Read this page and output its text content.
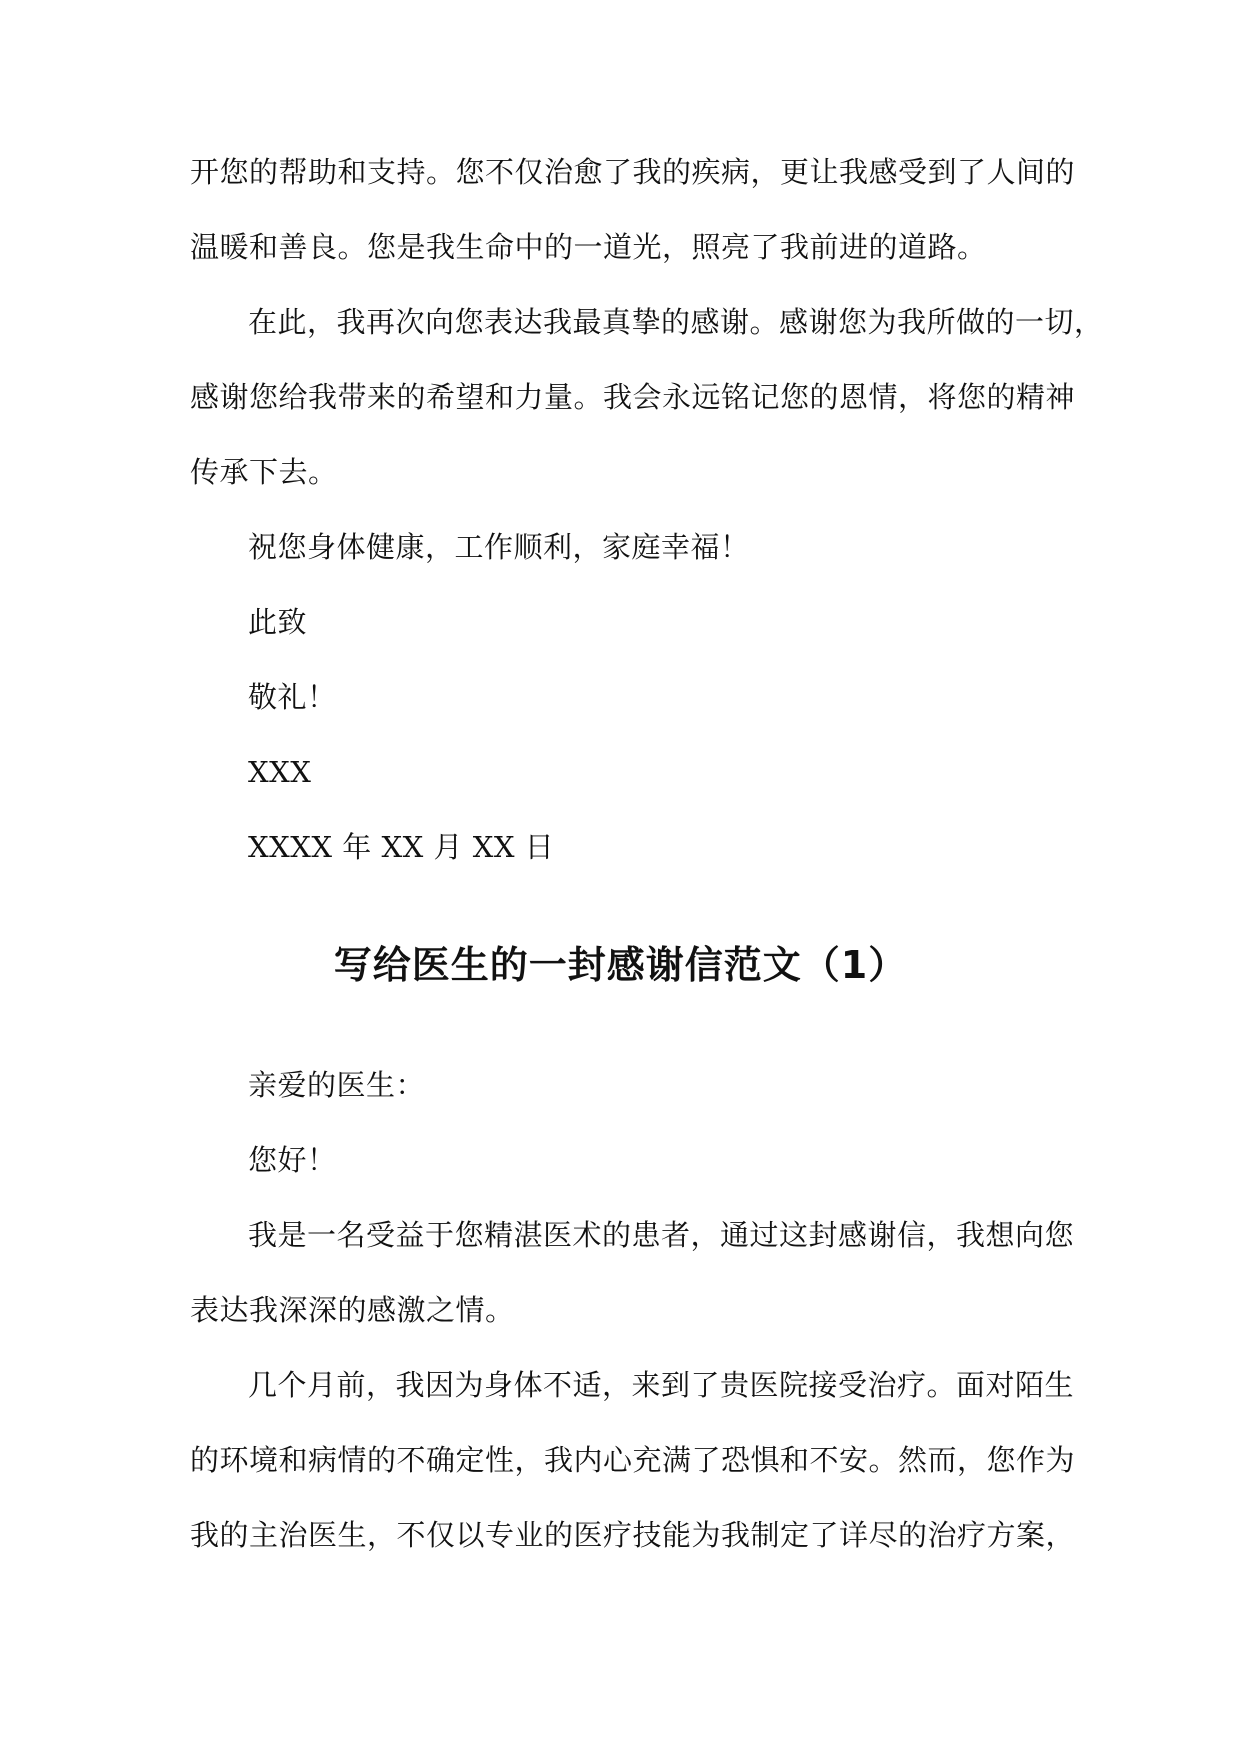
开您的帮助和支持。您不仅治愈了我的疾病，更让我感受到了人间的
温暖和善良。您是我生命中的一道光，照亮了我前进的道路。
在此，我再次向您表达我最真挚的感谢。感谢您为我所做的一切，
感谢您给我带来的希望和力量。我会永远铭记您的恩情，将您的精神
传承下去。
祝您身体健康，工作顺利，家庭幸福！
此致
敬礼！
XXX
XXXX 年 XX 月 XX 日
写给医生的一封感谢信范文（1）
亲爱的医生：
您好！
我是一名受益于您精湛医术的患者，通过这封感谢信，我想向您
表达我深深的感激之情。
几个月前，我因为身体不适，来到了贵医院接受治疗。面对陌生
的环境和病情的不确定性，我内心充满了恐惧和不安。然而，您作为
我的主治医生，不仅以专业的医疗技能为我制定了详尽的治疗方案，
